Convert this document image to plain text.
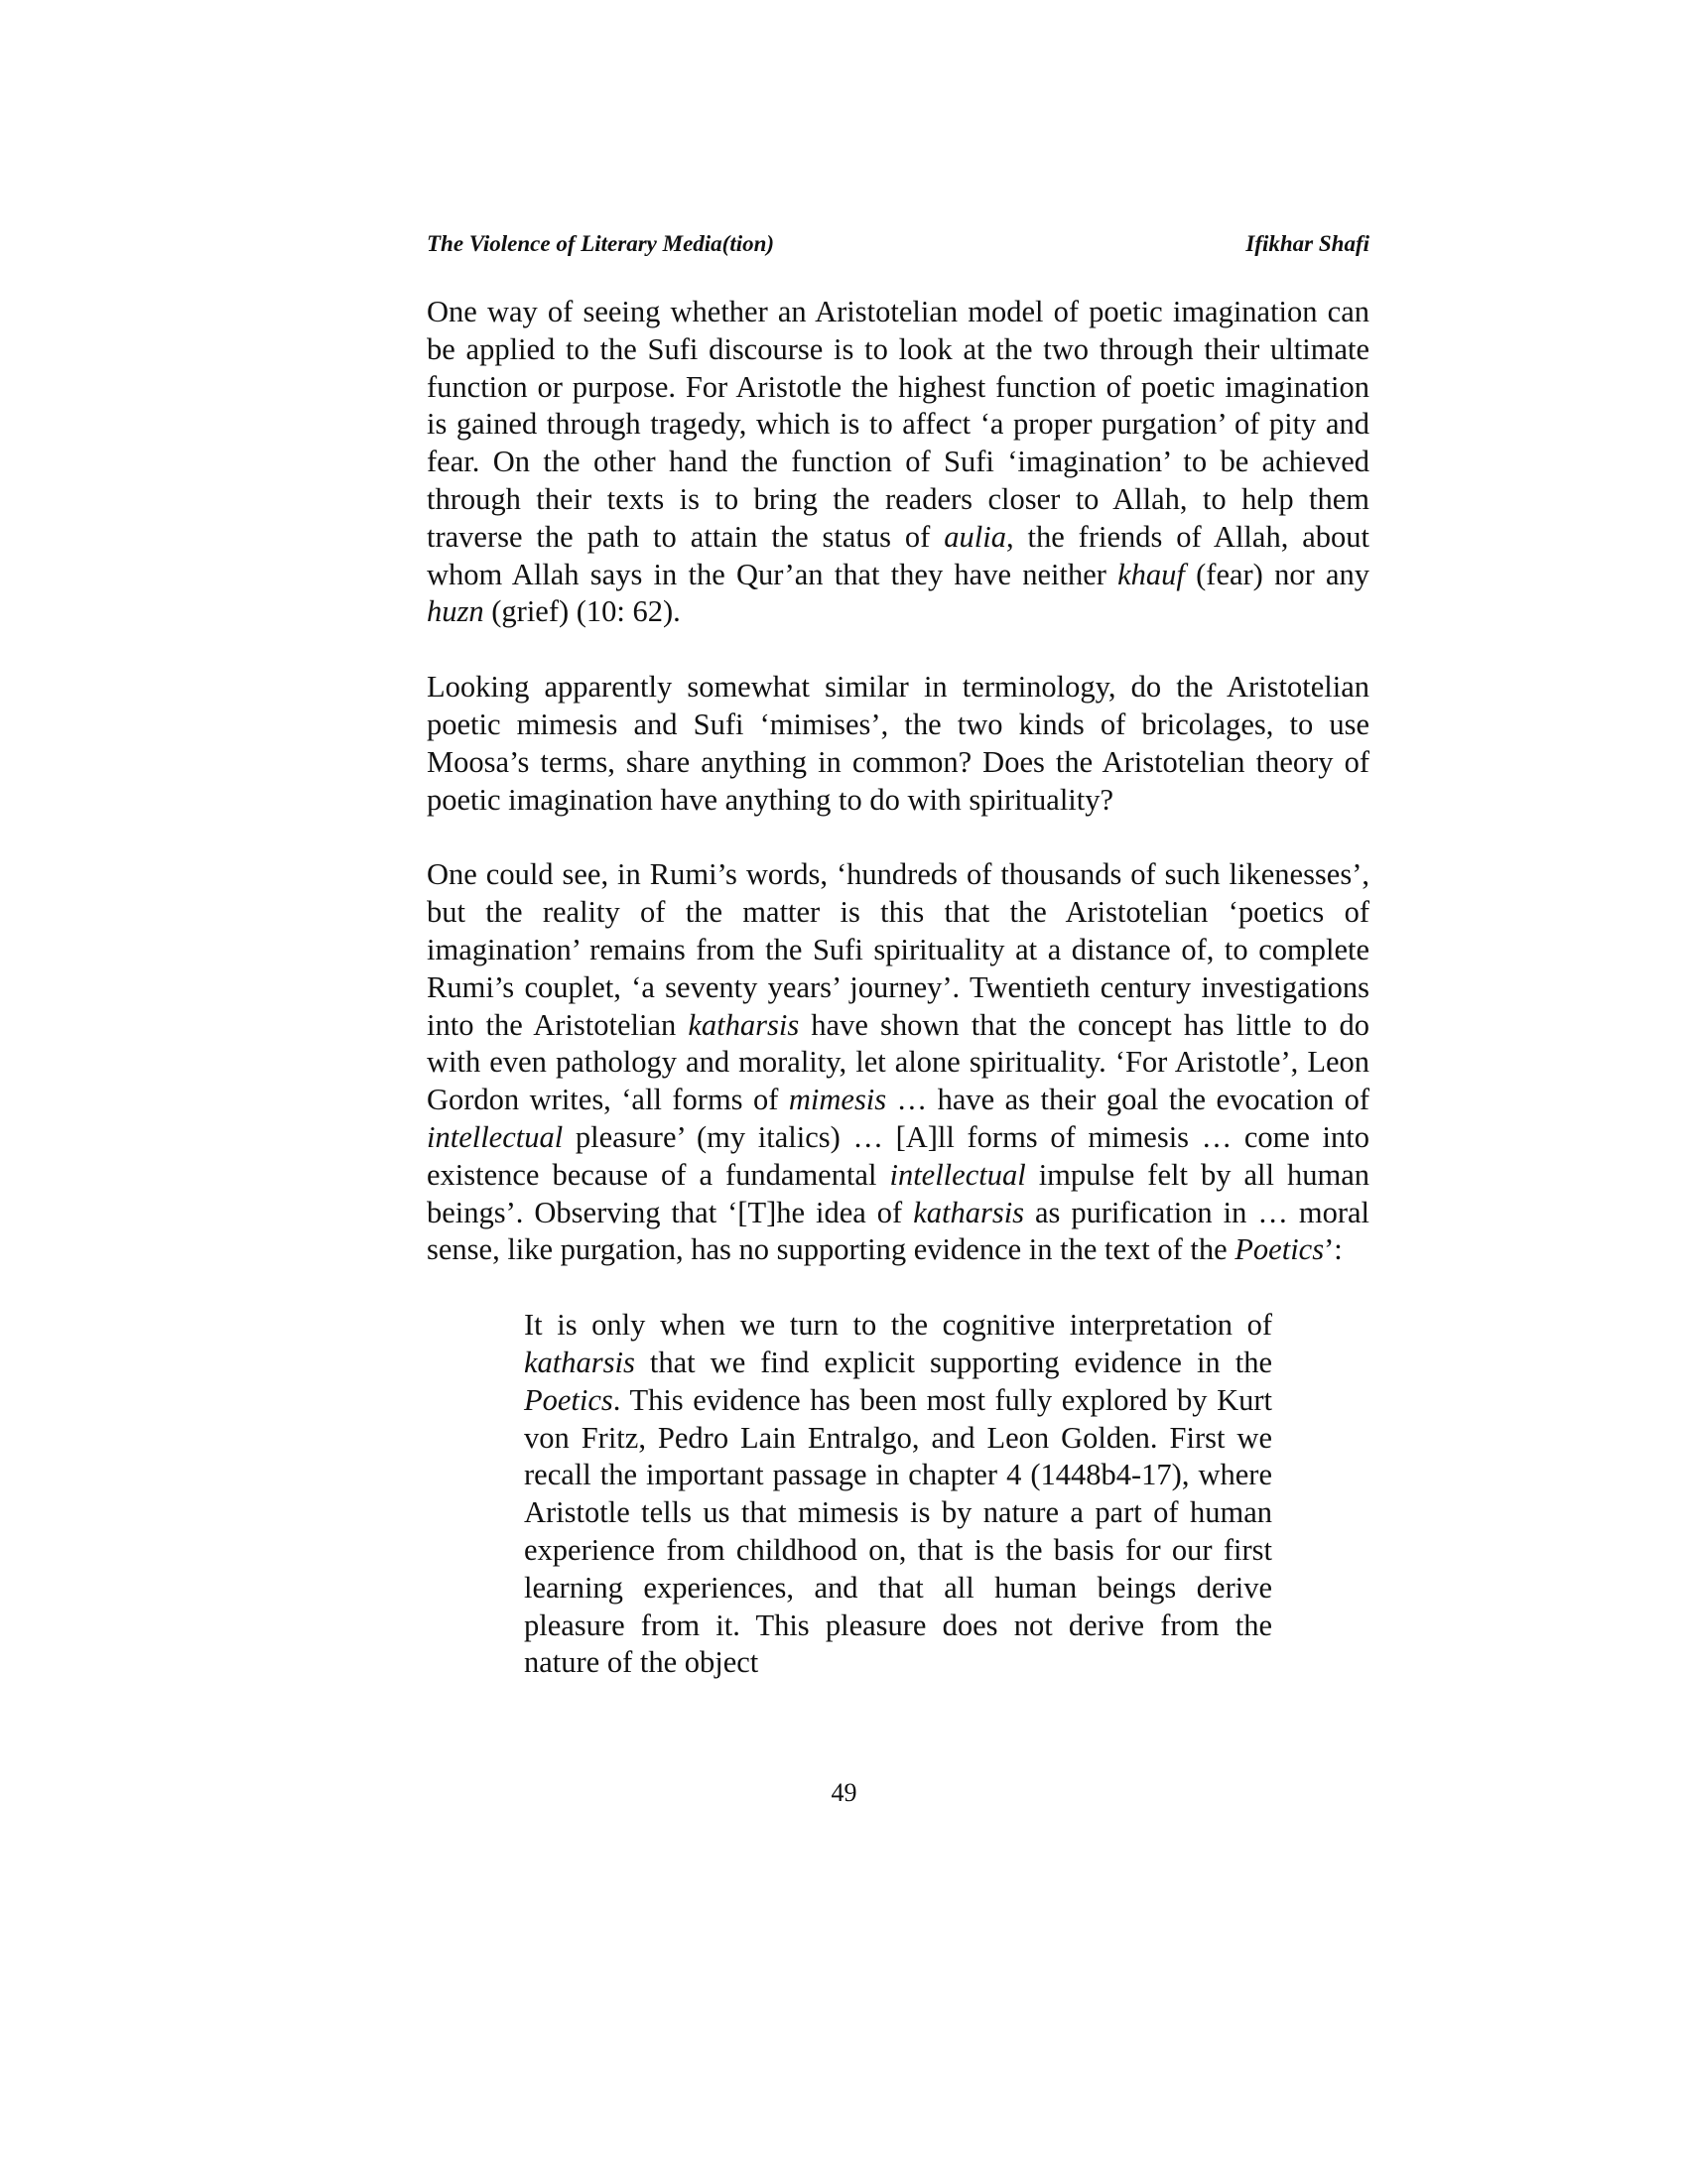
The Violence of Literary Media(tion)	Ifikhar Shafi

One way of seeing whether an Aristotelian model of poetic imagination can be applied to the Sufi discourse is to look at the two through their ultimate function or purpose. For Aristotle the highest function of poetic imagination is gained through tragedy, which is to affect ‘a proper purgation’ of pity and fear. On the other hand the function of Sufi ‘imagination’ to be achieved through their texts is to bring the readers closer to Allah, to help them traverse the path to attain the status of aulia, the friends of Allah, about whom Allah says in the Qur’an that they have neither khauf (fear) nor any huzn (grief) (10: 62).

Looking apparently somewhat similar in terminology, do the Aristotelian poetic mimesis and Sufi ‘mimises’, the two kinds of bricolages, to use Moosa’s terms, share anything in common? Does the Aristotelian theory of poetic imagination have anything to do with spirituality?

One could see, in Rumi’s words, ‘hundreds of thousands of such likenesses’, but the reality of the matter is this that the Aristotelian ‘poetics of imagination’ remains from the Sufi spirituality at a distance of, to complete Rumi’s couplet, ‘a seventy years’ journey’. Twentieth century investigations into the Aristotelian katharsis have shown that the concept has little to do with even pathology and morality, let alone spirituality. ‘For Aristotle’, Leon Gordon writes, ‘all forms of mimesis … have as their goal the evocation of intellectual pleasure’ (my italics) … [A]ll forms of mimesis … come into existence because of a fundamental intellectual impulse felt by all human beings’. Observing that ‘[T]he idea of katharsis as purification in … moral sense, like purgation, has no supporting evidence in the text of the Poetics’:

It is only when we turn to the cognitive interpretation of katharsis that we find explicit supporting evidence in the Poetics. This evidence has been most fully explored by Kurt von Fritz, Pedro Lain Entralgo, and Leon Golden. First we recall the important passage in chapter 4 (1448b4-17), where Aristotle tells us that mimesis is by nature a part of human experience from childhood on, that is the basis for our first learning experiences, and that all human beings derive pleasure from it. This pleasure does not derive from the nature of the object
49
